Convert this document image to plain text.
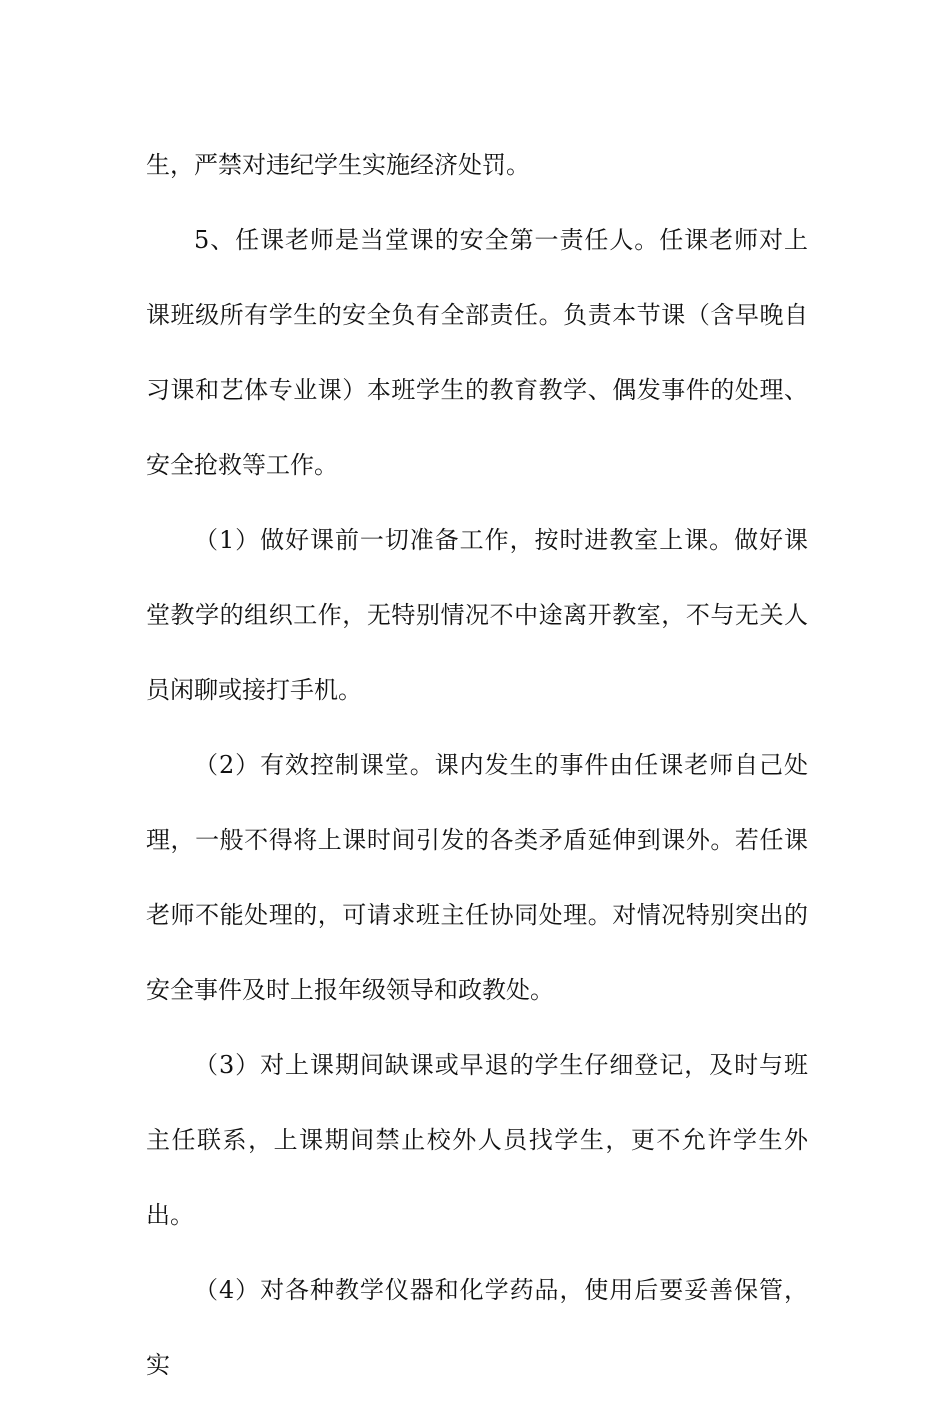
生，严禁对违纪学生实施经济处罚。

5、任课老师是当堂课的安全第一责任人。任课老师对上课班级所有学生的安全负有全部责任。负责本节课（含早晚自习课和艺体专业课）本班学生的教育教学、偶发事件的处理、安全抢救等工作。

（1）做好课前一切准备工作，按时进教室上课。做好课堂教学的组织工作，无特别情况不中途离开教室，不与无关人员闲聊或接打手机。

（2）有效控制课堂。课内发生的事件由任课老师自己处理，一般不得将上课时间引发的各类矛盾延伸到课外。若任课老师不能处理的，可请求班主任协同处理。对情况特别突出的安全事件及时上报年级领导和政教处。

（3）对上课期间缺课或早退的学生仔细登记，及时与班主任联系，上课期间禁止校外人员找学生，更不允许学生外出。

（4）对各种教学仪器和化学药品，使用后要妥善保管，实
